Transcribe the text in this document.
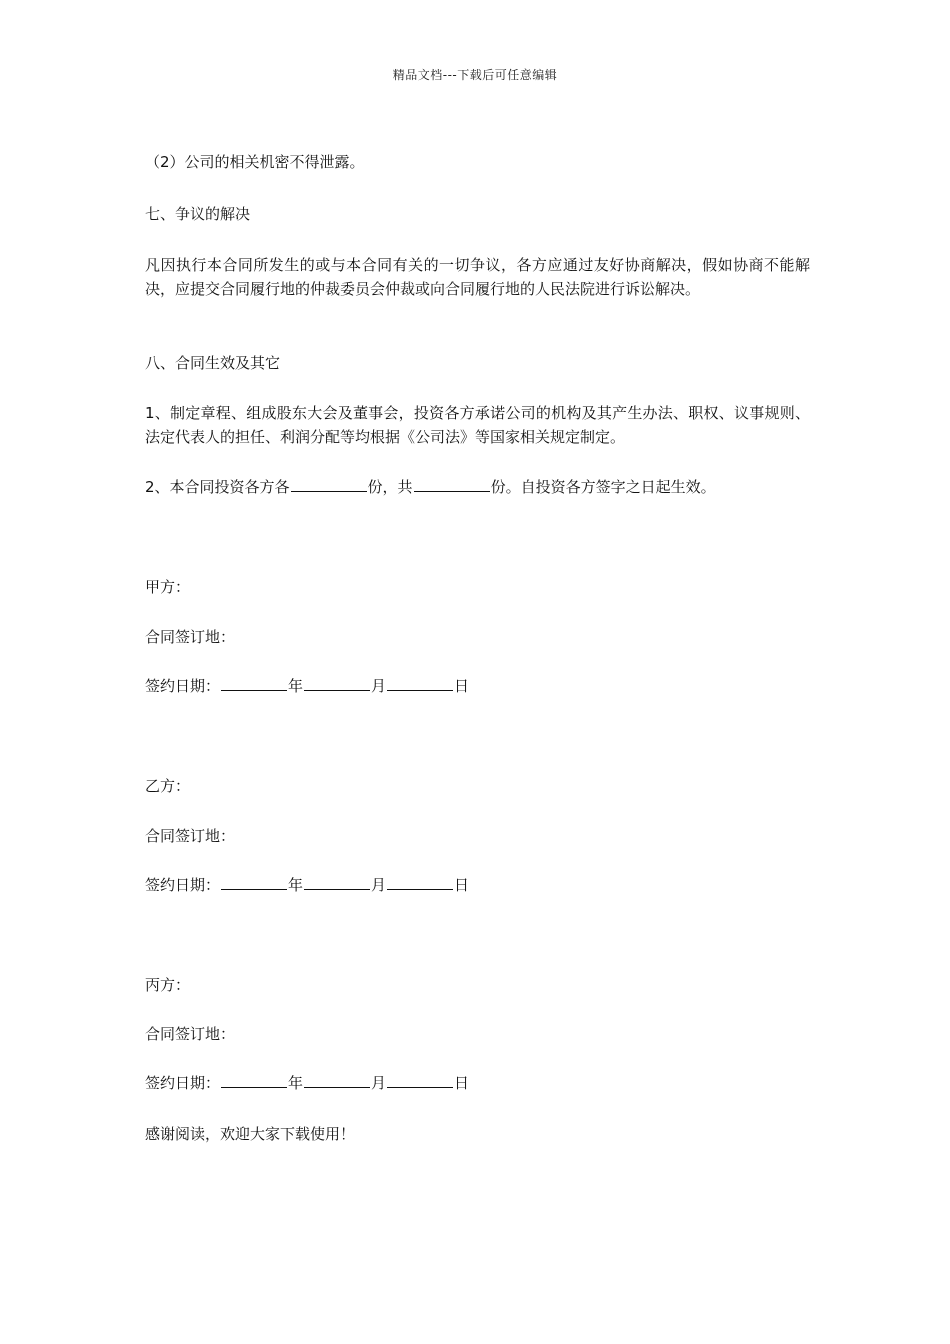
精品文档---下载后可任意编辑
（2）公司的相关机密不得泄露。
七、争议的解决
凡因执行本合同所发生的或与本合同有关的一切争议，各方应通过友好协商解决，假如协商不能解决，应提交合同履行地的仲裁委员会仲裁或向合同履行地的人民法院进行诉讼解决。
八、合同生效及其它
1、制定章程、组成股东大会及董事会，投资各方承诺公司的机构及其产生办法、职权、议事规则、法定代表人的担任、利润分配等均根据《公司法》等国家相关规定制定。
2、本合同投资各方各	份，共	份。自投资各方签字之日起生效。
甲方：
合同签订地：
签约日期：	年	月	日
乙方：
合同签订地：
签约日期：	年	月	日
丙方：
合同签订地：
签约日期：	年	月	日
感谢阅读，欢迎大家下载使用！
